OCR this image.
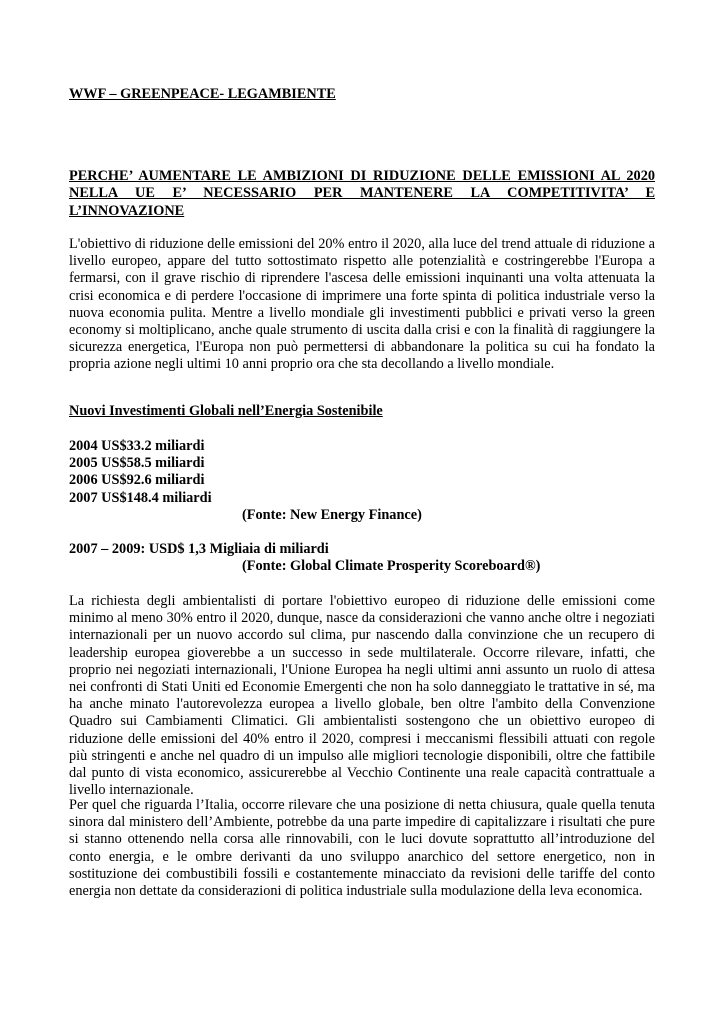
WWF – GREENPEACE- LEGAMBIENTE
PERCHE’ AUMENTARE LE AMBIZIONI DI RIDUZIONE DELLE EMISSIONI AL 2020
NELLA UE E’ NECESSARIO PER MANTENERE LA COMPETITIVITA’ E
L’INNOVAZIONE
L'obiettivo di riduzione delle emissioni del 20% entro il 2020, alla luce del trend attuale di riduzione a livello europeo, appare del tutto sottostimato rispetto alle potenzialità e costringerebbe l'Europa a fermarsi, con il grave rischio di riprendere l'ascesa delle emissioni inquinanti una volta attenuata la crisi economica e di perdere l'occasione di imprimere una forte spinta di politica industriale verso la nuova economia pulita. Mentre a livello mondiale gli investimenti pubblici e privati verso la green economy si moltiplicano, anche quale strumento di uscita dalla crisi e con la finalità di raggiungere la sicurezza energetica, l'Europa non può permettersi di abbandonare la politica su cui ha fondato la propria azione negli ultimi 10 anni proprio ora che sta decollando a livello mondiale.
Nuovi Investimenti Globali nell’Energia Sostenibile
2004 US$33.2 miliardi
2005 US$58.5 miliardi
2006 US$92.6 miliardi
2007 US$148.4 miliardi
(Fonte: New Energy Finance)
2007 – 2009: USD$ 1,3 Migliaia di miliardi
(Fonte: Global Climate Prosperity Scoreboard®)
La richiesta degli ambientalisti di portare l'obiettivo europeo di riduzione delle emissioni come minimo al meno 30% entro il 2020, dunque, nasce da considerazioni che vanno anche oltre i negoziati internazionali per un nuovo accordo sul clima, pur nascendo dalla convinzione che un recupero di leadership europea gioverebbe a un successo in sede multilaterale. Occorre rilevare, infatti, che proprio nei negoziati internazionali, l'Unione Europea ha negli ultimi anni assunto un ruolo di attesa nei confronti di Stati Uniti ed Economie Emergenti che non ha solo danneggiato le trattative in sé, ma ha anche minato l'autorevolezza europea a livello globale, ben oltre l'ambito della Convenzione Quadro sui Cambiamenti Climatici. Gli ambientalisti sostengono che un obiettivo europeo di riduzione delle emissioni del 40% entro il 2020, compresi i meccanismi flessibili attuati con regole più stringenti e anche nel quadro di un impulso alle migliori tecnologie disponibili, oltre che fattibile dal punto di vista economico, assicurerebbe al Vecchio Continente una reale capacità contrattuale a livello internazionale.
Per quel che riguarda l’Italia, occorre rilevare che una posizione di netta chiusura, quale quella tenuta sinora dal ministero dell’Ambiente, potrebbe da una parte impedire di capitalizzare i risultati che pure si stanno ottenendo nella corsa alle rinnovabili, con le luci dovute soprattutto all’introduzione del conto energia, e le ombre derivanti da uno sviluppo anarchico del settore energetico, non in sostituzione dei combustibili fossili e costantemente minacciato da revisioni delle tariffe del conto energia non dettate da considerazioni di politica industriale sulla modulazione della leva economica.
